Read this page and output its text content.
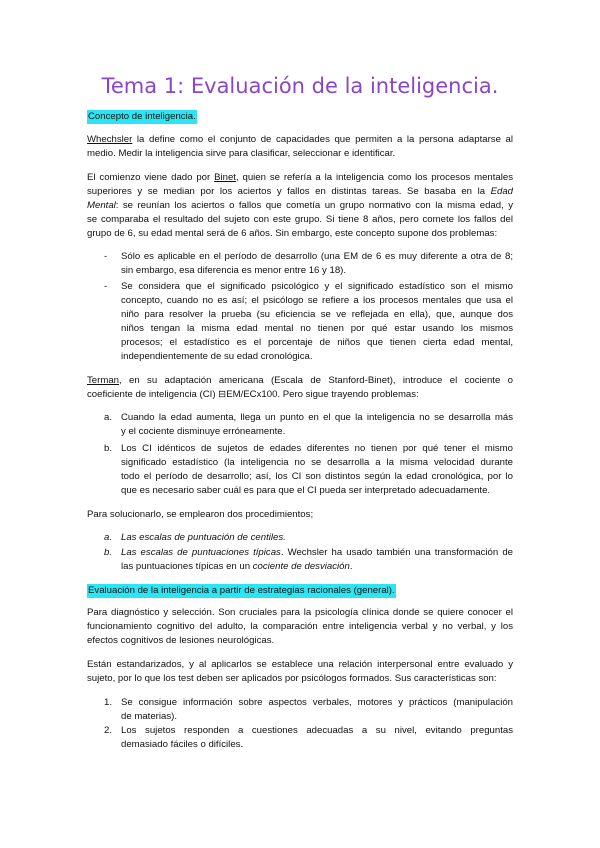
Tema 1: Evaluación de la inteligencia.
Concepto de inteligencia.
Whechsler la define como el conjunto de capacidades que permiten a la persona adaptarse al
medio. Medir la inteligencia sirve para clasificar, seleccionar e identificar.
El comienzo viene dado por Binet, quien se refería a la inteligencia como los procesos mentales
superiores y se median por los aciertos y fallos en distintas tareas. Se basaba en la Edad
Mental: se reunían los aciertos o fallos que cometía un grupo normativo con la misma edad, y
se comparaba el resultado del sujeto con este grupo. Si tiene 8 años, pero comete los fallos del
grupo de 6, su edad mental será de 6 años. Sin embargo, este concepto supone dos problemas:
- Sólo es aplicable en el período de desarrollo (una EM de 6 es muy diferente a otra de 8;
sin embargo, esa diferencia es menor entre 16 y 18).
- Se considera que el significado psicológico y el significado estadístico son el mismo
concepto, cuando no es así; el psicólogo se refiere a los procesos mentales que usa el
niño para resolver la prueba (su eficiencia se ve reflejada en ella), que, aunque dos
niños tengan la misma edad mental no tienen por qué estar usando los mismos
procesos; el estadístico es el porcentaje de niños que tienen cierta edad mental,
independientemente de su edad cronológica.
Terman, en su adaptación americana (Escala de Stanford-Binet), introduce el cociente o
coeficiente de inteligencia (CI) ⊟EM/ECx100. Pero sigue trayendo problemas:
a. Cuando la edad aumenta, llega un punto en el que la inteligencia no se desarrolla más
y el cociente disminuye erróneamente.
b. Los CI idénticos de sujetos de edades diferentes no tienen por qué tener el mismo
significado estadístico (la inteligencia no se desarrolla a la misma velocidad durante
todo el período de desarrollo; así, los CI son distintos según la edad cronológica, por lo
que es necesario saber cuál es para que el CI pueda ser interpretado adecuadamente.
Para solucionarlo, se emplearon dos procedimientos;
a. Las escalas de puntuación de centiles.
b. Las escalas de puntuaciones típicas. Wechsler ha usado también una transformación de
las puntuaciones típicas en un cociente de desviación.
Evaluación de la inteligencia a partir de estrategias racionales (general).
Para diagnóstico y selección. Son cruciales para la psicología clínica donde se quiere conocer el
funcionamiento cognitivo del adulto, la comparación entre inteligencia verbal y no verbal, y los
efectos cognitivos de lesiones neurológicas.
Están estandarizados, y al aplicarlos se establece una relación interpersonal entre evaluado y
sujeto, por lo que los test deben ser aplicados por psicólogos formados. Sus características son:
1. Se consigue información sobre aspectos verbales, motores y prácticos (manipulación
de materias).
2. Los sujetos responden a cuestiones adecuadas a su nivel, evitando preguntas
demasiado fáciles o difíciles.
